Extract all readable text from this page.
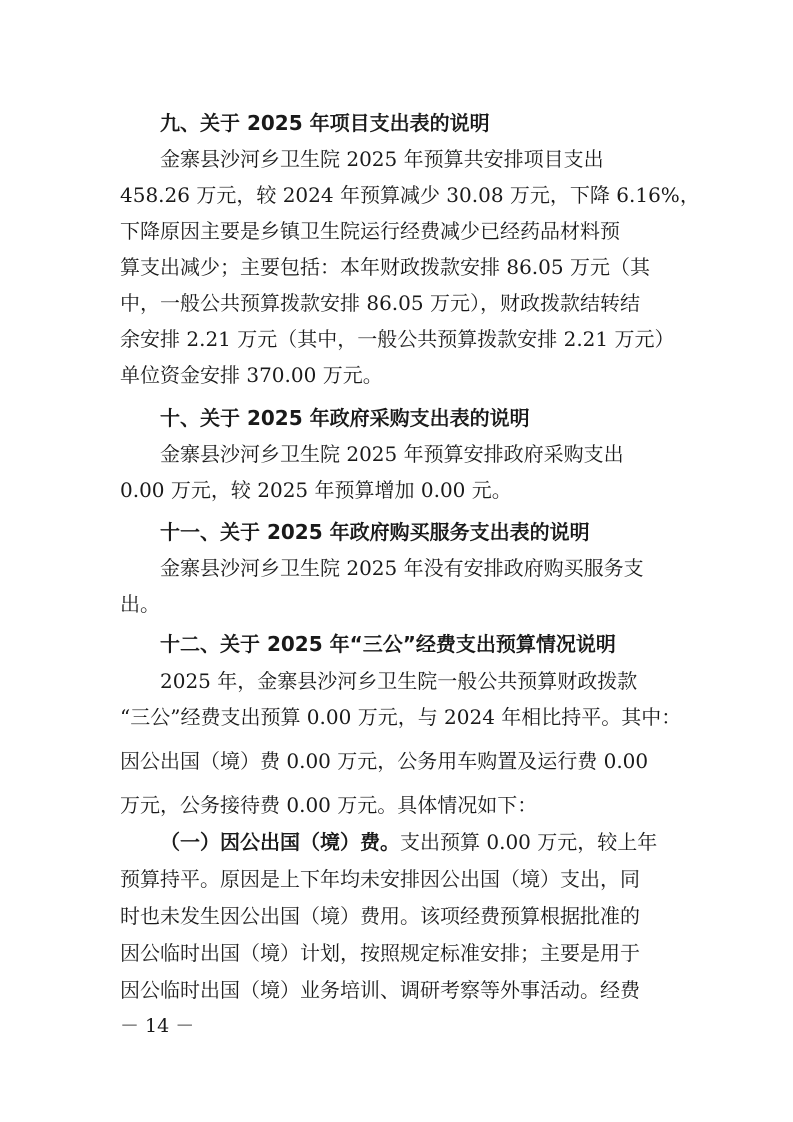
九、关于 2025 年项目支出表的说明
金寨县沙河乡卫生院 2025 年预算共安排项目支出
458.26 万元，较 2024 年预算减少 30.08 万元，下降 6.16%，
下降原因主要是乡镇卫生院运行经费减少已经药品材料预
算支出减少；主要包括：本年财政拨款安排 86.05 万元（其
中，一般公共预算拨款安排 86.05 万元），财政拨款结转结
余安排 2.21 万元（其中，一般公共预算拨款安排 2.21 万元）
单位资金安排 370.00 万元。
十、关于 2025 年政府采购支出表的说明
金寨县沙河乡卫生院 2025 年预算安排政府采购支出
0.00 万元，较 2025 年预算增加 0.00 元。
十一、关于 2025 年政府购买服务支出表的说明
金寨县沙河乡卫生院 2025 年没有安排政府购买服务支
出。
十二、关于 2025 年“三公”经费支出预算情况说明
2025 年，金寨县沙河乡卫生院一般公共预算财政拨款
“三公”经费支出预算 0.00 万元，与 2024 年相比持平。其中：
因公出国（境）费 0.00 万元，公务用车购置及运行费 0.00
万元，公务接待费 0.00 万元。具体情况如下：
（一）因公出国（境）费。支出预算 0.00 万元，较上年
预算持平。原因是上下年均未安排因公出国（境）支出，同
时也未发生因公出国（境）费用。该项经费预算根据批准的
因公临时出国（境）计划，按照规定标准安排；主要是用于
因公临时出国（境）业务培训、调研考察等外事活动。经费
－ 14 －
